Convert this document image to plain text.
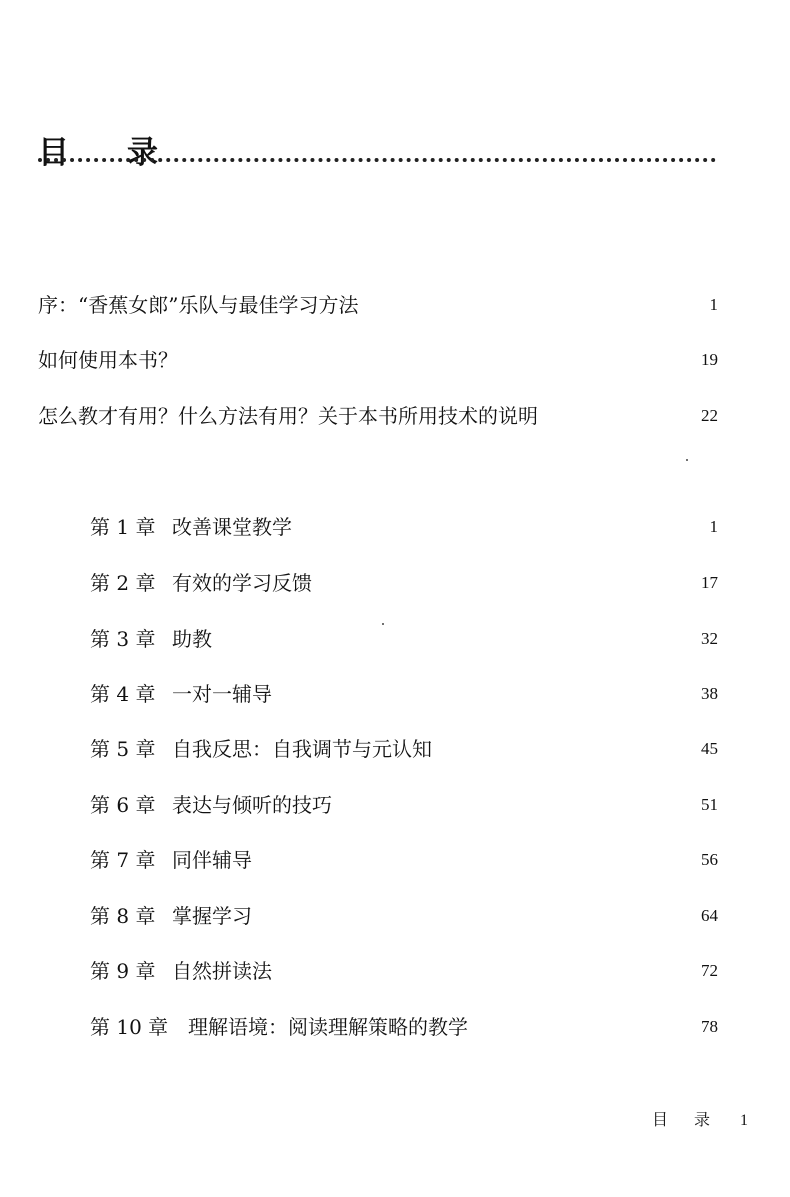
目录
序：“香蕉女郎”乐队与最佳学习方法	1
如何使用本书？	19
怎么教才有用？什么方法有用？关于本书所用技术的说明	22
第 1 章 改善课堂教学	1
第 2 章 有效的学习反馈	17
第 3 章 助教	32
第 4 章 一对一辅导	38
第 5 章 自我反思：自我调节与元认知	45
第 6 章 表达与倾听的技巧	51
第 7 章 同伴辅导	56
第 8 章 掌握学习	64
第 9 章 自然拼读法	72
第 10 章 理解语境：阅读理解策略的教学	78
目录 1
